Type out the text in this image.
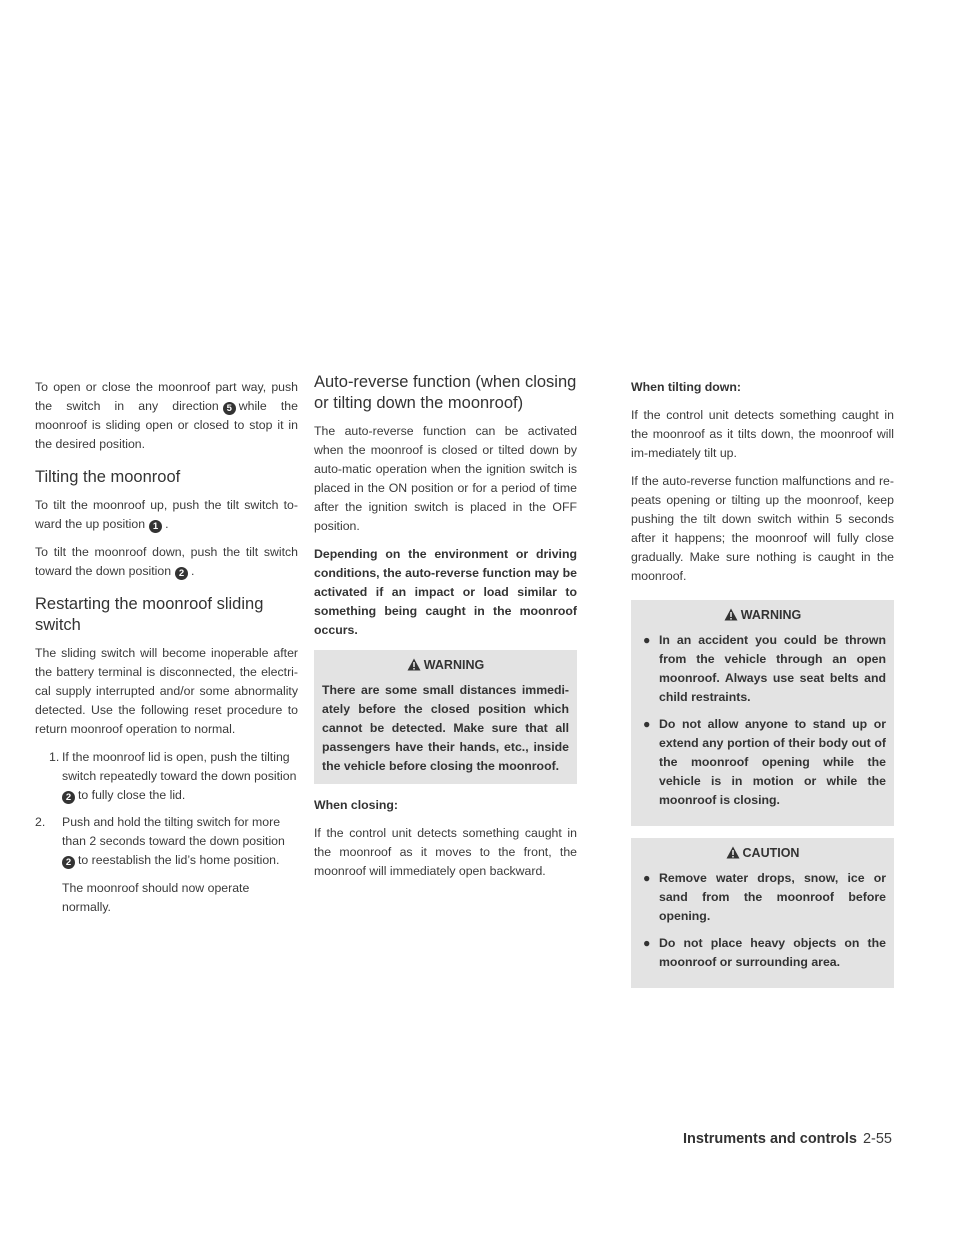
To open or close the moonroof part way, push the switch in any direction 5 while the moonroof is sliding open or closed to stop it in the desired position.

Tilting the moonroof

To tilt the moonroof up, push the tilt switch to-ward the up position 1 .

To tilt the moonroof down, push the tilt switch toward the down position 2 .

Restarting the moonroof sliding switch

The sliding switch will become inoperable after the battery terminal is disconnected, the electri-cal supply interrupted and/or some abnormality detected. Use the following reset procedure to return moonroof operation to normal.

1. If the moonroof lid is open, push the tilting switch repeatedly toward the down position
2 to fully close the lid.
2. Push and hold the tilting switch for more than 2 seconds toward the down position
2 to reestablish the lid’s home position.

The moonroof should now operate normally.

Auto-reverse function (when closing or tilting down the moonroof)

The auto-reverse function can be activated when the moonroof is closed or tilted down by auto-matic operation when the ignition switch is placed in the ON position or for a period of time after the ignition switch is placed in the OFF position.

Depending on the environment or driving conditions, the auto-reverse function may be activated if an impact or load similar to something being caught in the moonroof occurs.

WARNING
There are some small distances immedi-ately before the closed position which cannot be detected. Make sure that all passengers have their hands, etc., inside the vehicle before closing the moonroof.

When closing:

If the control unit detects something caught in the moonroof as it moves to the front, the moonroof will immediately open backward.

When tilting down:

If the control unit detects something caught in the moonroof as it tilts down, the moonroof will im-mediately tilt up.

If the auto-reverse function malfunctions and re-peats opening or tilting up the moonroof, keep pushing the tilt down switch within 5 seconds after it happens; the moonroof will fully close gradually. Make sure nothing is caught in the moonroof.

WARNING
● In an accident you could be thrown from the vehicle through an open moonroof. Always use seat belts and child restraints.
● Do not allow anyone to stand up or extend any portion of their body out of the moonroof opening while the vehicle is in motion or while the moonroof is closing.
CAUTION
● Remove water drops, snow, ice or sand from the moonroof before opening.
● Do not place heavy objects on the moonroof or surrounding area.
Instruments and controls 2-55
